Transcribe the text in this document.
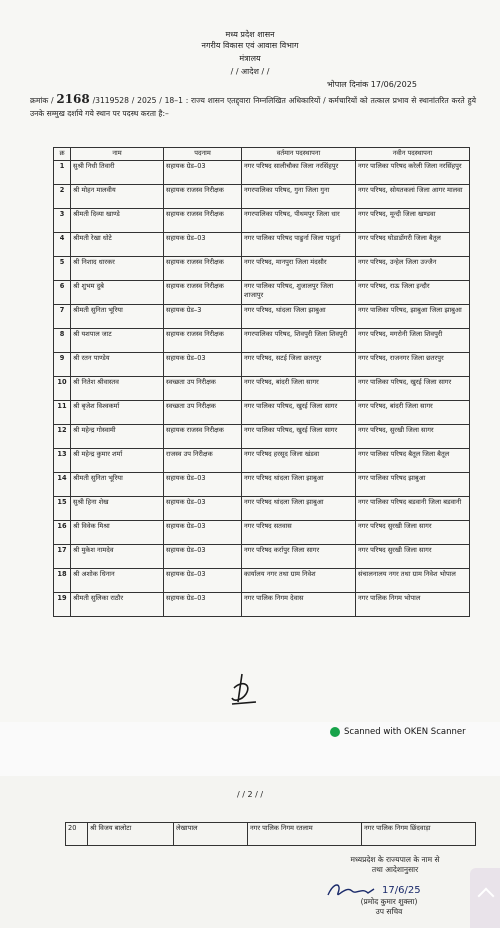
मध्य प्रदेश शासन
नगरीय विकास एवं आवास विभाग
मंत्रालय
/ / आदेश / /
भोपाल दिनांक 17/06/2025
क्रमांक / 2168 /3119528 / 2025 / 18–1 : राज्य शासन एतद्द्वारा निम्नलिखित अधिकारियों / कर्मचारियों को तत्काल प्रभाव से स्थानांतरित करते हुये उनके सम्मुख दर्शाये गये स्थान पर पदस्थ करता है:–
क्र	नाम	पदनाम	वर्तमान पदस्थापना	नवीन पदस्थापना
1	सुश्री निधी तिवारी	सहायक ग्रेड–03	नगर परिषद सालीचौका जिला नरसिंहपुर	नगर पालिका परिषद करेली जिला नरसिंहपुर
2	श्री मोहन मालवीय	सहायक राजस्व निरीक्षक	नगरपालिका परिषद, गुना जिला गुना	नगर परिषद, सोयतकलां जिला आगर मालवा
3	श्रीमती दिव्या खाण्डे	सहायक राजस्व निरीक्षक	नगरपालिका परिषद, पीथमपुर जिला धार	नगर परिषद, मून्दी जिला खण्डवा
4	श्रीमती रेखा धोटे	सहायक ग्रेड–03	नगर पालिका परिषद पाढुर्ना जिला पाढुर्ना	नगर परिषद घोडाडोंगरी जिला बैतूल
5	श्री निशाद धारकर	सहायक राजस्व निरीक्षक	नगर परिषद, मानपुरा जिला मंदसौर	नगर परिषद, उन्हेल जिला उज्जैन
6	श्री शुभम दुबे	सहायक राजस्व निरीक्षक	नगर पालिका परिषद, शुजालपुर जिला शाजापुर	नगर परिषद, राऊ जिला इन्दौर
7	श्रीमती सुनिता भूरिया	सहायक ग्रेड–3	नगर परिषद, थांदला जिला झाबुआ	नगर पालिका परिषद, झाबुआ जिला झाबुआ
8	श्री यशपाल जाट	सहायक राजस्व निरीक्षक	नगरपालिका परिषद, शिवपुरी जिला शिवपुरी	नगर परिषद, मगरोनी जिला शिवपुरी
9	श्री रतन पाण्डेय	सहायक ग्रेड–03	नगर परिषद, सटई जिला छतरपुर	नगर परिषद, राजनगर जिला छतरपुर
10	श्री नितेश श्रीवास्तव	स्वच्छता उप निरीक्षक	नगर परिषद, बांदरी जिला सागर	नगर पालिका परिषद, खुरई जिला सागर
11	श्री बृजेश विश्वकर्मा	स्वच्छता उप निरीक्षक	नगर पालिका परिषद, खुरई जिला सागर	नगर परिषद, बांदरी जिला सागर
12	श्री महेन्द्र गोस्वामी	सहायक राजस्व निरीक्षक	नगर पालिका परिषद, खुरई जिला सागर	नगर परिषद, सुरखी जिला सागर
13	श्री महेन्द्र कुमार शर्मा	राजस्व उप निरीक्षक	नगर परिषद हरसूद जिला खंडवा	नगर पालिका परिषद बैतूल जिला बैतूल
14	श्रीमती सुनिता भूरिया	सहायक ग्रेड–03	नगर परिषद थांदला जिला झाबुआ	नगर पालिका परिषद झाबुआ
15	सुश्री हिना शेख	सहायक ग्रेड–03	नगर परिषद थांदला जिला झाबुआ	नगर पालिका परिषद बडवानी जिला बडवानी
16	श्री विवेक मिश्रा	सहायक ग्रेड–03	नगर परिषद सतवास	नगर परिषद सुरखी जिला सागर
17	श्री मुकेश नामदेव	सहायक ग्रेड–03	नगर परिषद कर्रापुर जिला सागर	नगर परिषद सुरखी जिला सागर
18	श्री अशोक धिनान	सहायक ग्रेड–03	कार्यालय नगर तथा ग्राम निवेश	संचालनालय नगर तथा ग्राम निवेश भोपाल
19	श्रीमती सुलिका राठौर	सहायक ग्रेड–03	नगर पालिक निगम देवास	नगर पालिक निगम भोपाल
Scanned with OKEN Scanner
/ / 2 / /
20	श्री विजय बालोटा	लेखापाल	नगर पालिक निगम रतलाम	नगर पालिक निगम छिंदवाड़ा
मध्यप्रदेश के राज्यपाल के नाम से
तथा आदेशानुसार
17/6/25
(प्रमोद कुमार शुक्ला)
उप सचिव
